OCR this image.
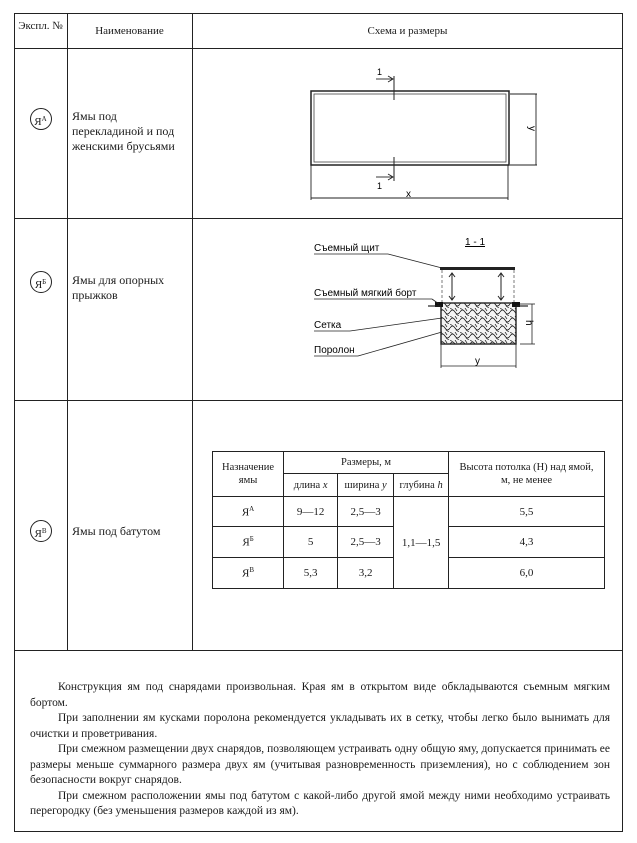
Экспл. №	Наименование	Схема и размеры
$Я^А$	Ямы под перекладиной и под женскими брусьями
$Я^Б$	Ямы для опорных прыжков
$Я^В$	Ямы под батутом
y
x
1
1
1 - 1
h
y
Съемный щит
Съемный мягкий борт
Сетка
Поролон
Назначение ямы	Размеры, м			Высота потолка (H) над ямой, м, не менее
	длина x	ширина y	глубина h	
$Я^А$	9—12	2,5—3	1,1—1,5	5,5
$Я^Б$	5	2,5—3		4,3
$Я^В$	5,3	3,2		6,0

Конструкция ям под снарядами произвольная. Края ям в открытом виде обкладываются съемным мягким бортом.

При заполнении ям кусками поролона рекомендуется укладывать их в сетку, чтобы легко было вынимать для очистки и проветривания.

При смежном размещении двух снарядов, позволяющем устраивать одну общую яму, допускается принимать ее размеры меньше суммарного размера двух ям (учитывая разновременность приземления), но с соблюдением зон безопасности вокруг снарядов.

При смежном расположении ямы под батутом с какой-либо другой ямой между ними необходимо устраивать перегородку (без уменьшения размеров каждой из ям).
